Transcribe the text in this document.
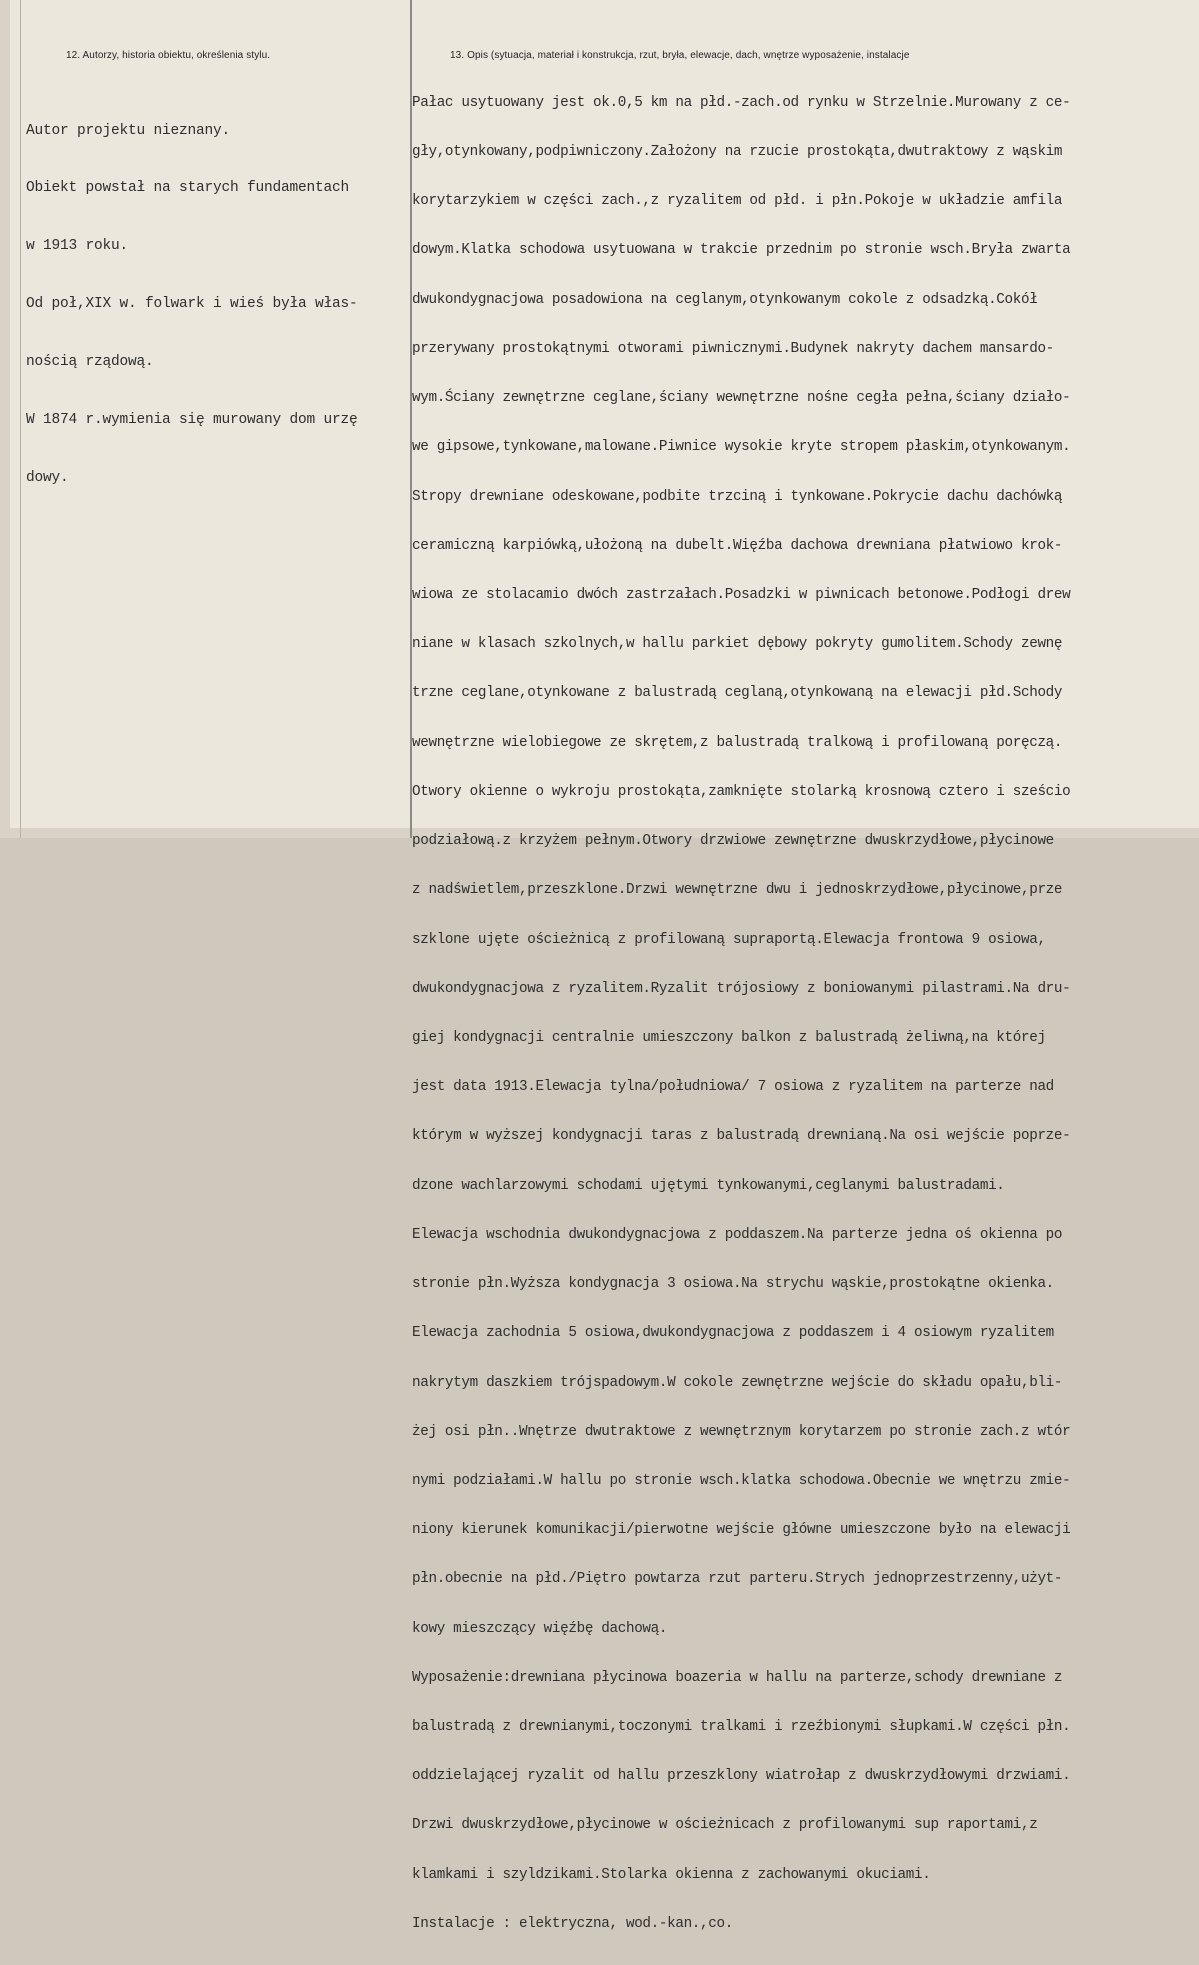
12. Autorzy, historia obiektu, określenia stylu.	13. Opis (sytuacja, materiał i konstrukcja, rzut, bryła, elewacje, dach, wnętrze wyposażenie, instalacje

Autor projektu nieznany.

Obiekt powstał na starych fundamentach

w 1913 roku.

Od poł,XIX w. folwark i wieś była włas-

nością rządową.

W 1874 r.wymienia się murowany dom urzę

dowy.

Pałac usytuowany jest ok.0,5 km na płd.-zach.od rynku w Strzelnie.Murowany z ce-

gły,otynkowany,podpiwniczony.Założony na rzucie prostokąta,dwutraktowy z wąskim

korytarzykiem w części zach.,z ryzalitem od płd. i płn.Pokoje w układzie amfila

dowym.Klatka schodowa usytuowana w trakcie przednim po stronie wsch.Bryła zwarta

dwukondygnacjowa posadowiona na ceglanym,otynkowanym cokole z odsadzką.Cokół

przerywany prostokątnymi otworami piwnicznymi.Budynek nakryty dachem mansardo-

wym.Ściany zewnętrzne ceglane,ściany wewnętrzne nośne cegła pełna,ściany działo-

we gipsowe,tynkowane,malowane.Piwnice wysokie kryte stropem płaskim,otynkowanym.

Stropy drewniane odeskowane,podbite trzciną i tynkowane.Pokrycie dachu dachówką

ceramiczną karpiówką,ułożoną na dubelt.Więźba dachowa drewniana płatwiowo krok-

wiowa ze stolacamio dwóch zastrzałach.Posadzki w piwnicach betonowe.Podłogi drew

niane w klasach szkolnych,w hallu parkiet dębowy pokryty gumolitem.Schody zewnę

trzne ceglane,otynkowane z balustradą ceglaną,otynkowaną na elewacji płd.Schody

wewnętrzne wielobiegowe ze skrętem,z balustradą tralkową i profilowaną poręczą.

Otwory okienne o wykroju prostokąta,zamknięte stolarką krosnową cztero i sześcio

podziałową.z krzyżem pełnym.Otwory drzwiowe zewnętrzne dwuskrzydłowe,płycinowe

z nadświetlem,przeszklone.Drzwi wewnętrzne dwu i jednoskrzydłowe,płycinowe,prze

szklone ujęte ościeżnicą z profilowaną supraportą.Elewacja frontowa 9 osiowa,

dwukondygnacjowa z ryzalitem.Ryzalit trójosiowy z boniowanymi pilastrami.Na dru-

giej kondygnacji centralnie umieszczony balkon z balustradą żeliwną,na której

jest data 1913.Elewacja tylna/południowa/ 7 osiowa z ryzalitem na parterze nad

którym w wyższej kondygnacji taras z balustradą drewnianą.Na osi wejście poprze-

dzone wachlarzowymi schodami ujętymi tynkowanymi,ceglanymi balustradami.

Elewacja wschodnia dwukondygnacjowa z poddaszem.Na parterze jedna oś okienna po

stronie płn.Wyższa kondygnacja 3 osiowa.Na strychu wąskie,prostokątne okienka.

Elewacja zachodnia 5 osiowa,dwukondygnacjowa z poddaszem i 4 osiowym ryzalitem

nakrytym daszkiem trójspadowym.W cokole zewnętrzne wejście do składu opału,bli-

żej osi płn..Wnętrze dwutraktowe z wewnętrznym korytarzem po stronie zach.z wtór

nymi podziałami.W hallu po stronie wsch.klatka schodowa.Obecnie we wnętrzu zmie-

niony kierunek komunikacji/pierwotne wejście główne umieszczone było na elewacji

płn.obecnie na płd./Piętro powtarza rzut parteru.Strych jednoprzestrzenny,użyt-

kowy mieszczący więźbę dachową.

Wyposażenie:drewniana płycinowa boazeria w hallu na parterze,schody drewniane z

balustradą z drewnianymi,toczonymi tralkami i rzeźbionymi słupkami.W części płn.

oddzielającej ryzalit od hallu przeszklony wiatrołap z dwuskrzydłowymi drzwiami.

Drzwi dwuskrzydłowe,płycinowe w ościeżnicach z profilowanymi sup raportami,z

klamkami i szyldzikami.Stolarka okienna z zachowanymi okuciami.

Instalacje : elektryczna, wod.-kan.,co.
